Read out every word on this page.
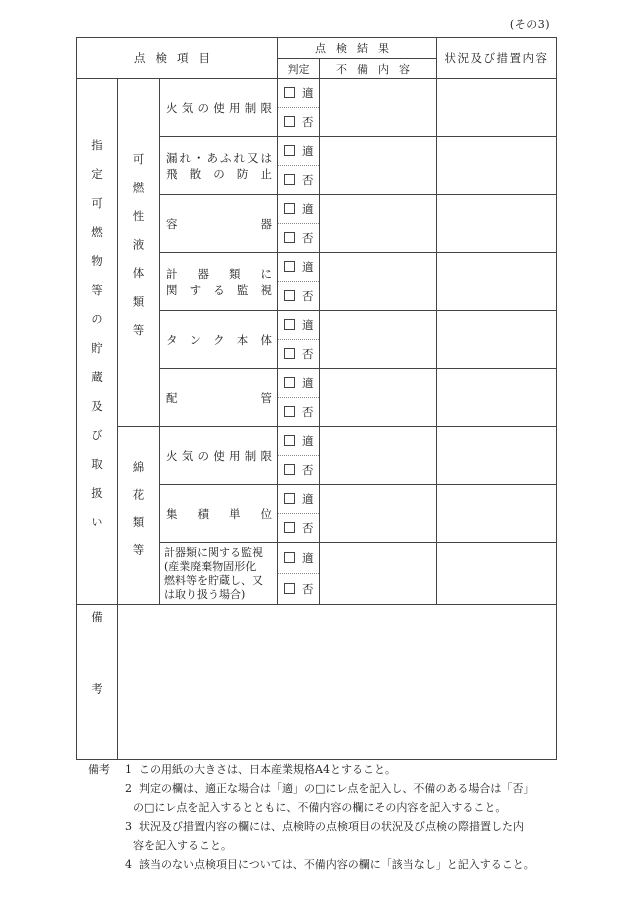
(その3)
点検項目			点検結果		状況及び措置内容
			判定	不備内容	

指定可燃物等の貯蔵及び取扱い	可燃性液体類等	火気の使用制限	適		
			否		

		漏れ・あふれ又は
飛散の防止	適		
			否		

		容器	適		
			否		

		計器類に
関する監視	適		
			否		

		タンク本体	適		
			否		

		配管	適		
			否		

	綿花類等	火気の使用制限	適		
			否		

		集積単位	適		
			否		

		計器類に関する監視
(産業廃棄物固形化
燃料等を貯蔵し、又
は取り扱う場合)	適		
			否		

備考					

備考 1 この用紙の大きさは、日本産業規格A4とすること。
2 判定の欄は、適正な場合は「適」の□にレ点を記入し、不備のある場合は「否」
の□にレ点を記入するとともに、不備内容の欄にその内容を記入すること。
3 状況及び措置内容の欄には、点検時の点検項目の状況及び点検の際措置した内
容を記入すること。
4 該当のない点検項目については、不備内容の欄に「該当なし」と記入すること。
